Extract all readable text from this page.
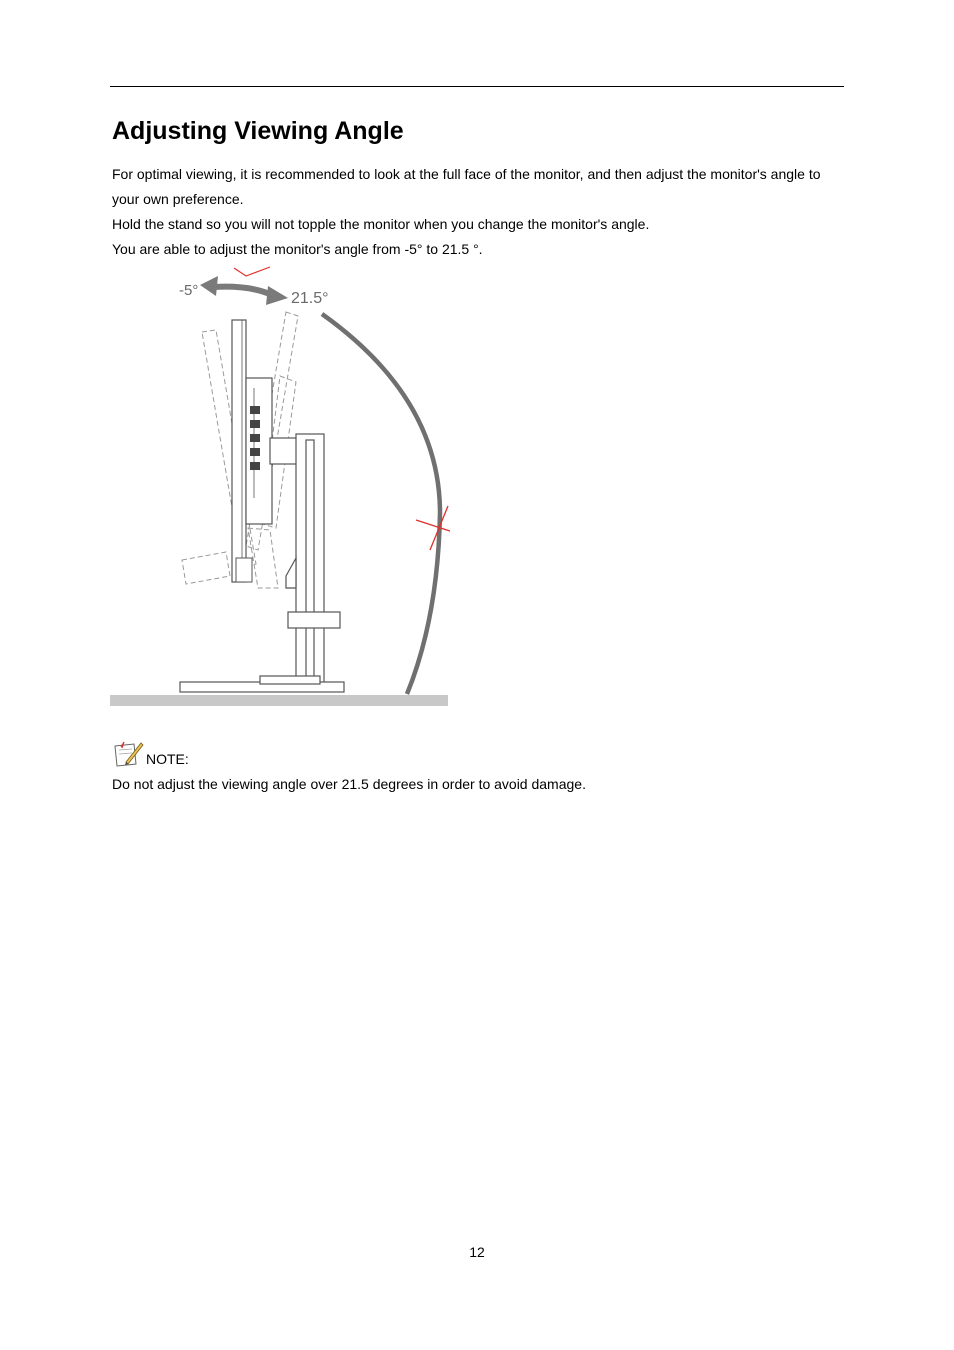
Adjusting Viewing Angle

For optimal viewing, it is recommended to look at the full face of the monitor, and then adjust the monitor's angle to your own preference.

Hold the stand so you will not topple the monitor when you change the monitor's angle.

You are able to adjust the monitor's angle from -5° to 21.5 °.

-5°	21.5°
NOTE:
Do not adjust the viewing angle over 21.5 degrees in order to avoid damage.
12
